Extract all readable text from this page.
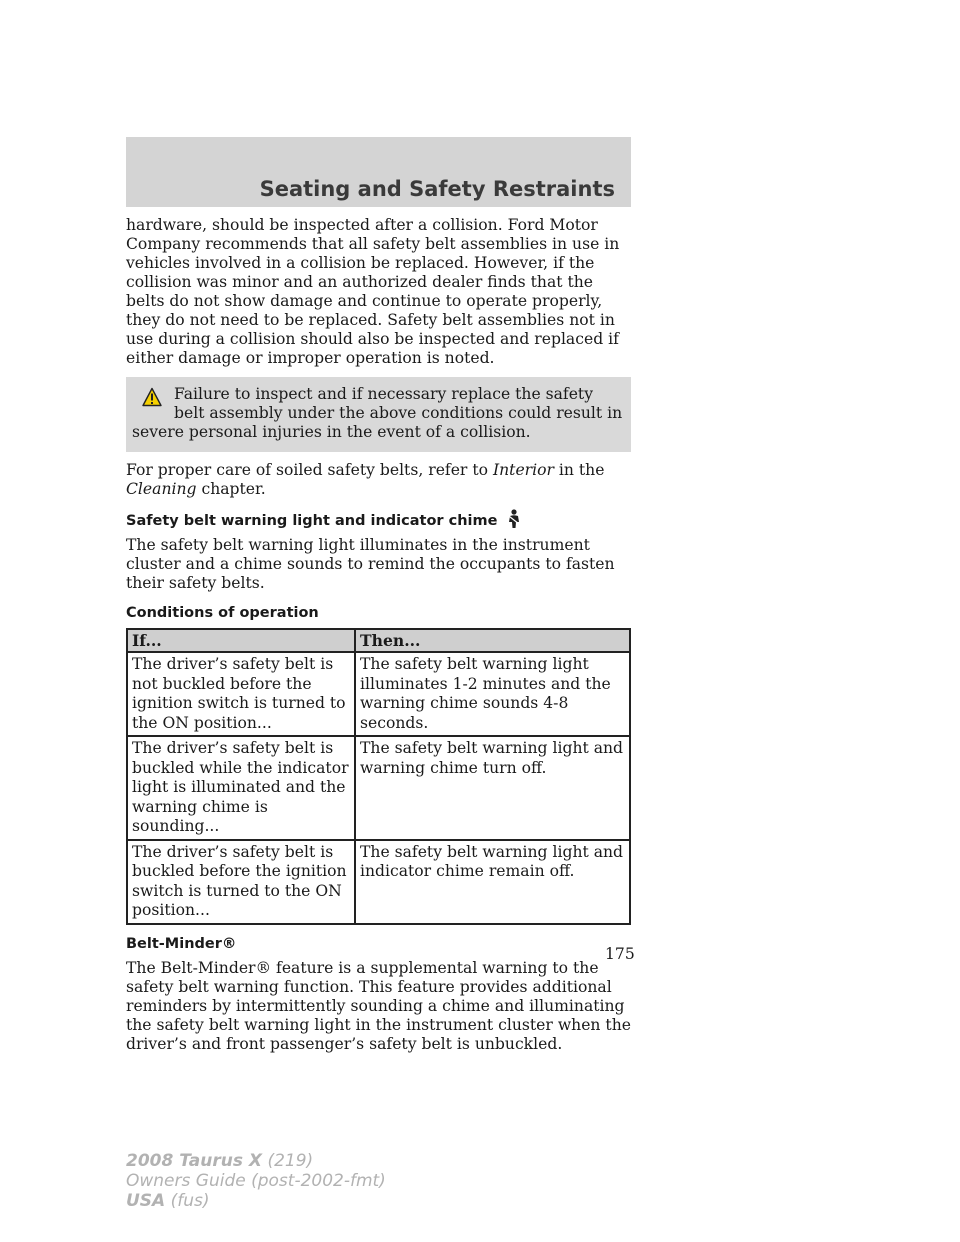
Seating and Safety Restraints

hardware, should be inspected after a collision. Ford Motor Company recommends that all safety belt assemblies in use in vehicles involved in a collision be replaced. However, if the collision was minor and an authorized dealer finds that the belts do not show damage and continue to operate properly, they do not need to be replaced. Safety belt assemblies not in use during a collision should also be inspected and replaced if either damage or improper operation is noted.

Failure to inspect and if necessary replace the safety belt assembly under the above conditions could result in severe personal injuries in the event of a collision.

For proper care of soiled safety belts, refer to Interior in the Cleaning chapter.

Safety belt warning light and indicator chime

The safety belt warning light illuminates in the instrument cluster and a chime sounds to remind the occupants to fasten their safety belts.

Conditions of operation
If...	Then...
The driver’s safety belt is not buckled before the ignition switch is turned to the ON position...	The safety belt warning light illuminates 1-2 minutes and the warning chime sounds 4-8 seconds.
The driver’s safety belt is buckled while the indicator light is illuminated and the warning chime is sounding...	The safety belt warning light and warning chime turn off.
The driver’s safety belt is buckled before the ignition switch is turned to the ON position...	The safety belt warning light and indicator chime remain off.
Belt-Minder®

The Belt-Minder® feature is a supplemental warning to the safety belt warning function. This feature provides additional reminders by intermittently sounding a chime and illuminating the safety belt warning light in the instrument cluster when the driver’s and front passenger’s safety belt is unbuckled.

175
2008 Taurus X (219)
Owners Guide (post-2002-fmt)
USA (fus)
